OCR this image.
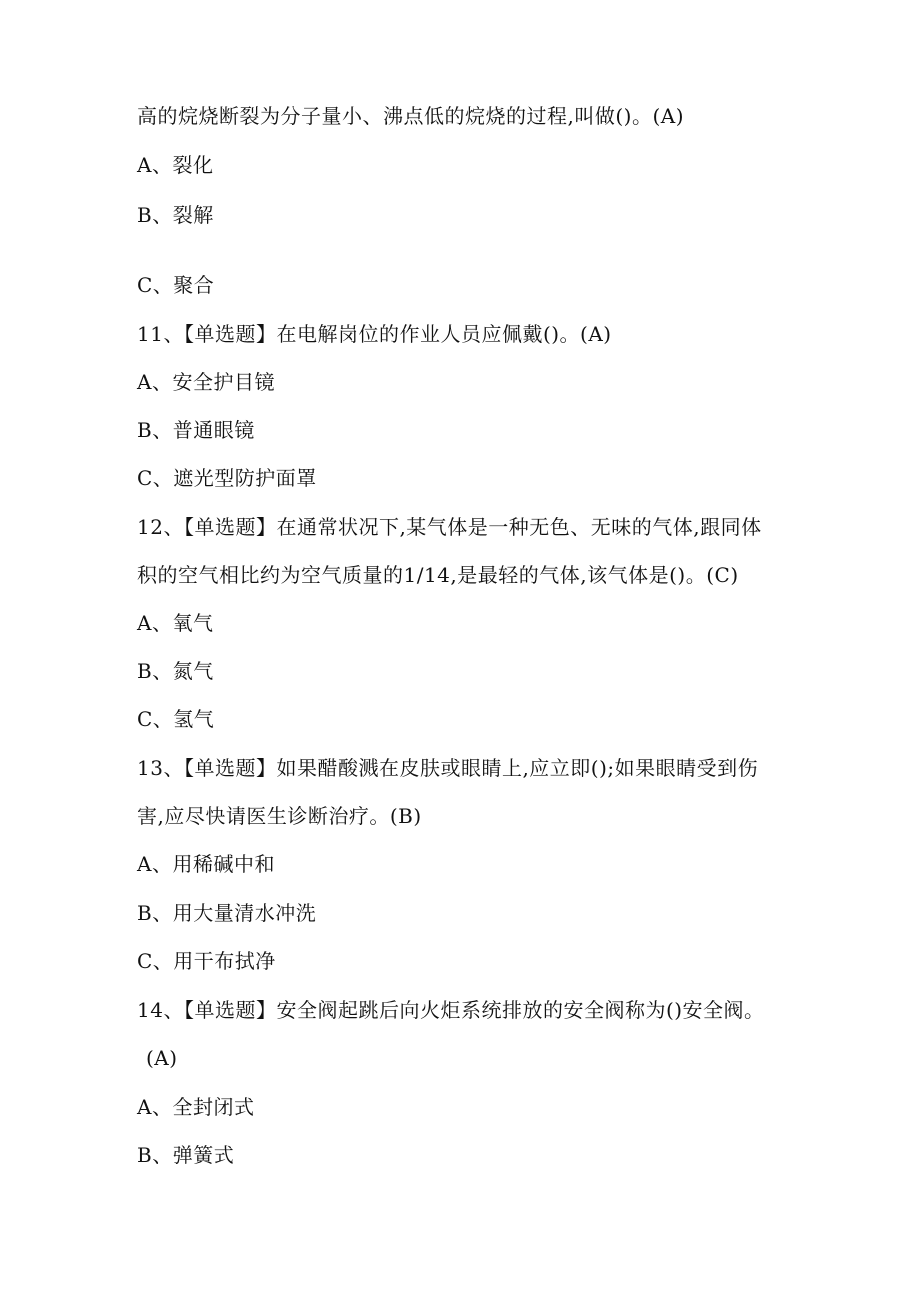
高的烷烧断裂为分子量小、沸点低的烷烧的过程,叫做()。(A)
A、裂化
B、裂解
C、聚合
11、【单选题】在电解岗位的作业人员应佩戴()。(A)
A、安全护目镜
B、普通眼镜
C、遮光型防护面罩
12、【单选题】在通常状况下,某气体是一种无色、无味的气体,跟同体
积的空气相比约为空气质量的1/14,是最轻的气体,该气体是()。(C)
A、氧气
B、氮气
C、氢气
13、【单选题】如果醋酸溅在皮肤或眼睛上,应立即();如果眼睛受到伤
害,应尽快请医生诊断治疗。(B)
A、用稀碱中和
B、用大量清水冲洗
C、用干布拭净
14、【单选题】安全阀起跳后向火炬系统排放的安全阀称为()安全阀。
(A)
A、全封闭式
B、弹簧式
